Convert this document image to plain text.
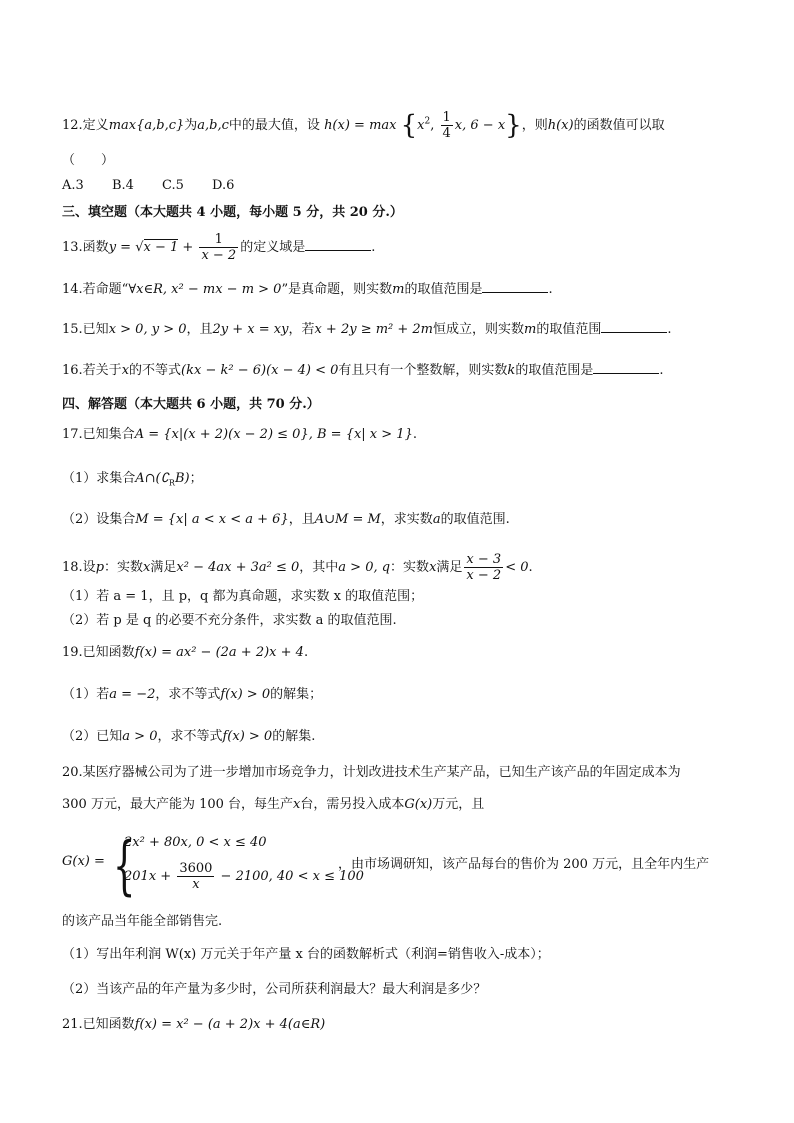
12.定义max{a,b,c}为a,b,c中的最大值，设 $h(x) = \max \{x^2$, $\frac{1}{4} x$, 6 − x}，则h(x)的函数值可以取
（　　）
A.3 B.4 C.5 D.6
三、填空题（本大题共 4 小题，每小题 5 分，共 20 分.）
13.函数$y = √x - 1 + \frac{1}{x - 2}$ 的定义域是	.
14.若命题“∀x∈R, x² − mx − m > 0”是真命题，则实数m的取值范围是	.
15.已知x > 0, y > 0，且2y + x = xy，若x + 2y ≥ m² + 2m恒成立，则实数m的取值范围	.
16.若关于x的不等式(kx − k² − 6)(x − 4) < 0有且只有一个整数解，则实数k的取值范围是	.
四、解答题（本大题共 6 小题，共 70 分.）
17.已知集合A = {x|(x + 2)(x − 2) ≤ 0}, B = {x| x > 1}.
（1）求集合$A\cap(∁_RB)$；
（2）设集合M = {x| a < x < a + 6}，且A∪M = M，求实数a的取值范围.
18.设p：实数x满足x² − 4ax + 3a² ≤ 0，其中a > 0, q：实数x满足 $\frac{x - 3}{x - 2} < 0$.
（1）若 a = 1，且 p，q 都为真命题，求实数 x 的取值范围；
（2）若 p 是 q 的必要不充分条件，求实数 a 的取值范围.
19.已知函数f(x) = ax² − (2a + 2)x + 4.
（1）若a = −2，求不等式f(x) > 0的解集；
（2）已知a > 0，求不等式f(x) > 0的解集.
20.某医疗器械公司为了进一步增加市场竞争力，计划改进技术生产某产品，已知生产该产品的年固定成本为
300 万元，最大产能为 100 台，每生产x台，需另投入成本G(x)万元，且
G(x) = {
2x² + 80x, 0 < x ≤ 40
$201x + \frac{3600}{x} - 2100$, 40 < x ≤ 100
，由市场调研知，该产品每台的售价为 200 万元，且全年内生产
的该产品当年能全部销售完.
（1）写出年利润 W(x) 万元关于年产量 x 台的函数解析式（利润=销售收入-成本）；
（2）当该产品的年产量为多少时，公司所获利润最大？最大利润是多少？
21.已知函数f(x) = x² − (a + 2)x + 4(a∈R)
